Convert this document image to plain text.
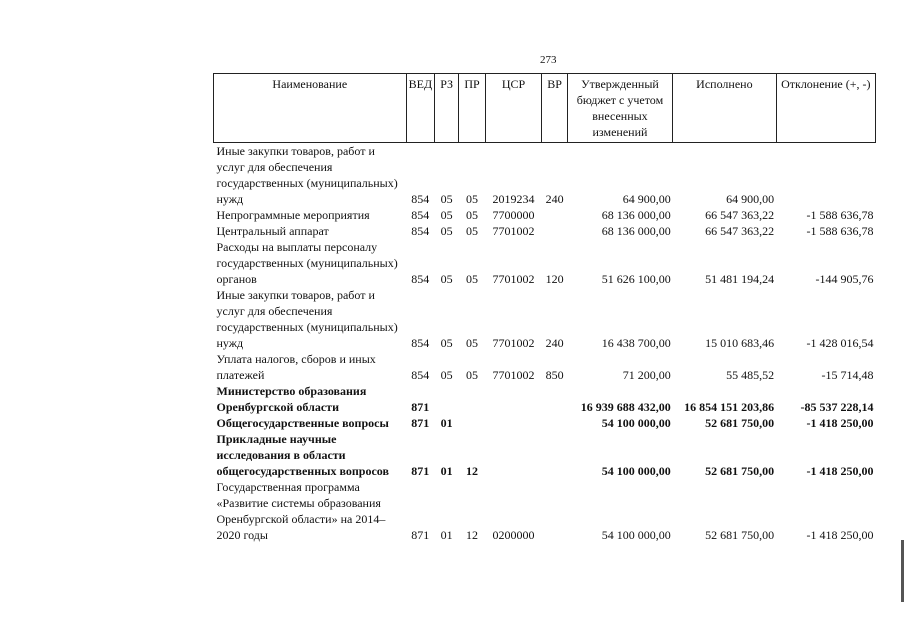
273
Наименование	ВЕД	РЗ	ПР	ЦСР	ВР	Утвержденный бюджет с учетом внесенных изменений	Исполнено	Отклонение (+, -)
Иные закупки товаров, работ и услуг для обеспечения государственных (муниципальных) нужд	854	05	05	2019234	240	64 900,00	64 900,00	
Непрограммные мероприятия	854	05	05	7700000		68 136 000,00	66 547 363,22	-1 588 636,78
Центральный аппарат	854	05	05	7701002		68 136 000,00	66 547 363,22	-1 588 636,78
Расходы на выплаты персоналу государственных (муниципальных) органов	854	05	05	7701002	120	51 626 100,00	51 481 194,24	-144 905,76
Иные закупки товаров, работ и услуг для обеспечения государственных (муниципальных) нужд	854	05	05	7701002	240	16 438 700,00	15 010 683,46	-1 428 016,54
Уплата налогов, сборов и иных платежей	854	05	05	7701002	850	71 200,00	55 485,52	-15 714,48
Министерство образования Оренбургской области	871					16 939 688 432,00	16 854 151 203,86	-85 537 228,14
Общегосударственные вопросы	871	01				54 100 000,00	52 681 750,00	-1 418 250,00
Прикладные научные исследования в области общегосударственных вопросов	871	01	12			54 100 000,00	52 681 750,00	-1 418 250,00
Государственная программа «Развитие системы образования Оренбургской области» на 2014–2020 годы	871	01	12	0200000		54 100 000,00	52 681 750,00	-1 418 250,00
